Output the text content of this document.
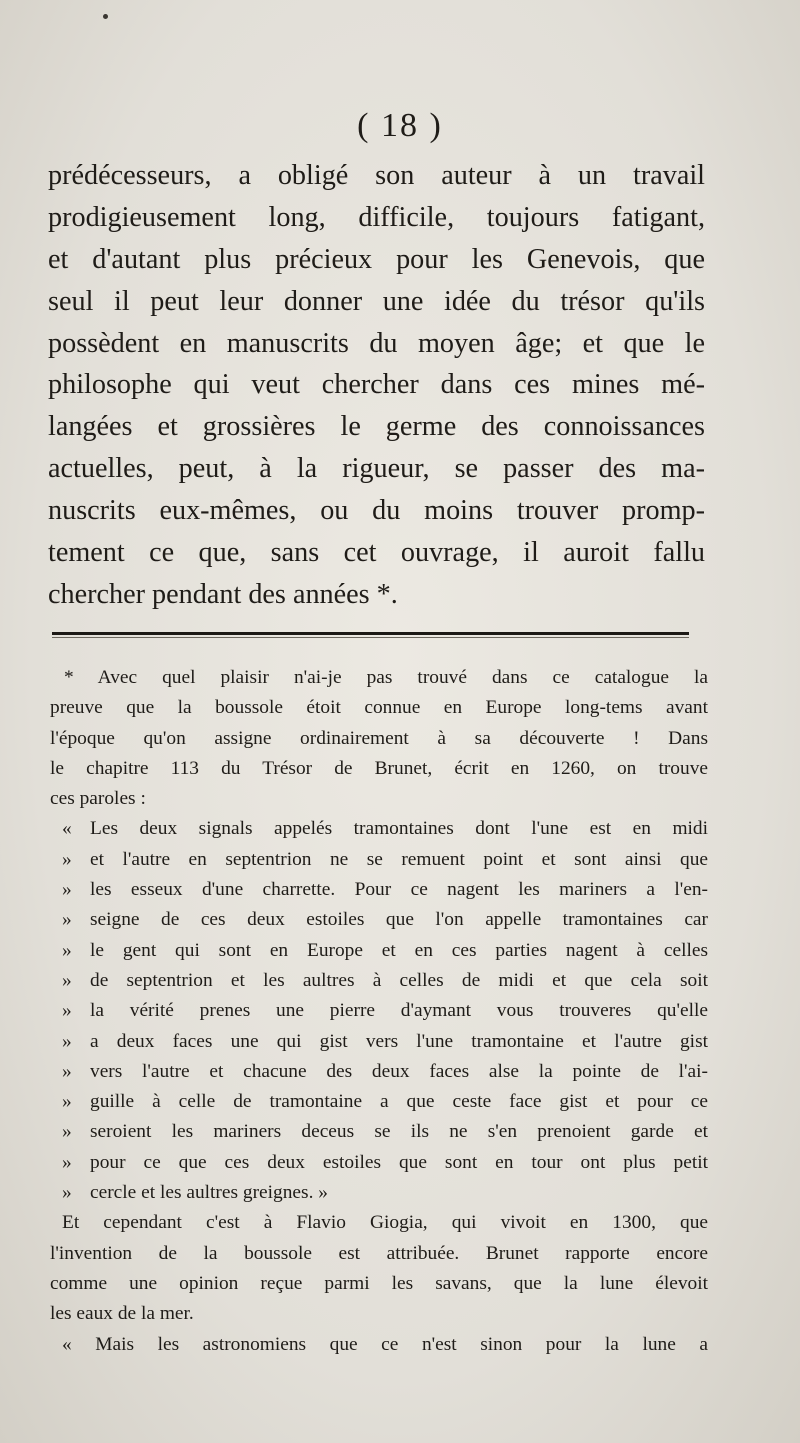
( 18 )

prédécesseurs, a obligé son auteur à un travail
prodigieusement long, difficile, toujours fatigant,
et d'autant plus précieux pour les Genevois, que
seul il peut leur donner une idée du trésor qu'ils
possèdent en manuscrits du moyen âge; et que le
philosophe qui veut chercher dans ces mines mé-
langées et grossières le germe des connoissances
actuelles, peut, à la rigueur, se passer des ma-
nuscrits eux-mêmes, ou du moins trouver promp-
tement ce que, sans cet ouvrage, il auroit fallu
chercher pendant des années *.

* Avec quel plaisir n'ai-je pas trouvé dans ce catalogue la
preuve que la boussole étoit connue en Europe long-tems avant
l'époque qu'on assigne ordinairement à sa découverte ! Dans
le chapitre 113 du Trésor de Brunet, écrit en 1260, on trouve
ces paroles :
« Les deux signals appelés tramontaines dont l'une est en midi
» et l'autre en septentrion ne se remuent point et sont ainsi que
» les esseux d'une charrette. Pour ce nagent les mariners a l'en-
» seigne de ces deux estoiles que l'on appelle tramontaines car
» le gent qui sont en Europe et en ces parties nagent à celles
» de septentrion et les aultres à celles de midi et que cela soit
» la vérité prenes une pierre d'aymant vous trouveres qu'elle
» a deux faces une qui gist vers l'une tramontaine et l'autre gist
» vers l'autre et chacune des deux faces alse la pointe de l'ai-
» guille à celle de tramontaine a que ceste face gist et pour ce
» seroient les mariners deceus se ils ne s'en prenoient garde et
» pour ce que ces deux estoiles que sont en tour ont plus petit
» cercle et les aultres greignes. »
Et cependant c'est à Flavio Giogia, qui vivoit en 1300, que
l'invention de la boussole est attribuée. Brunet rapporte encore
comme une opinion reçue parmi les savans, que la lune élevoit
les eaux de la mer.
« Mais les astronomiens que ce n'est sinon pour la lune a
